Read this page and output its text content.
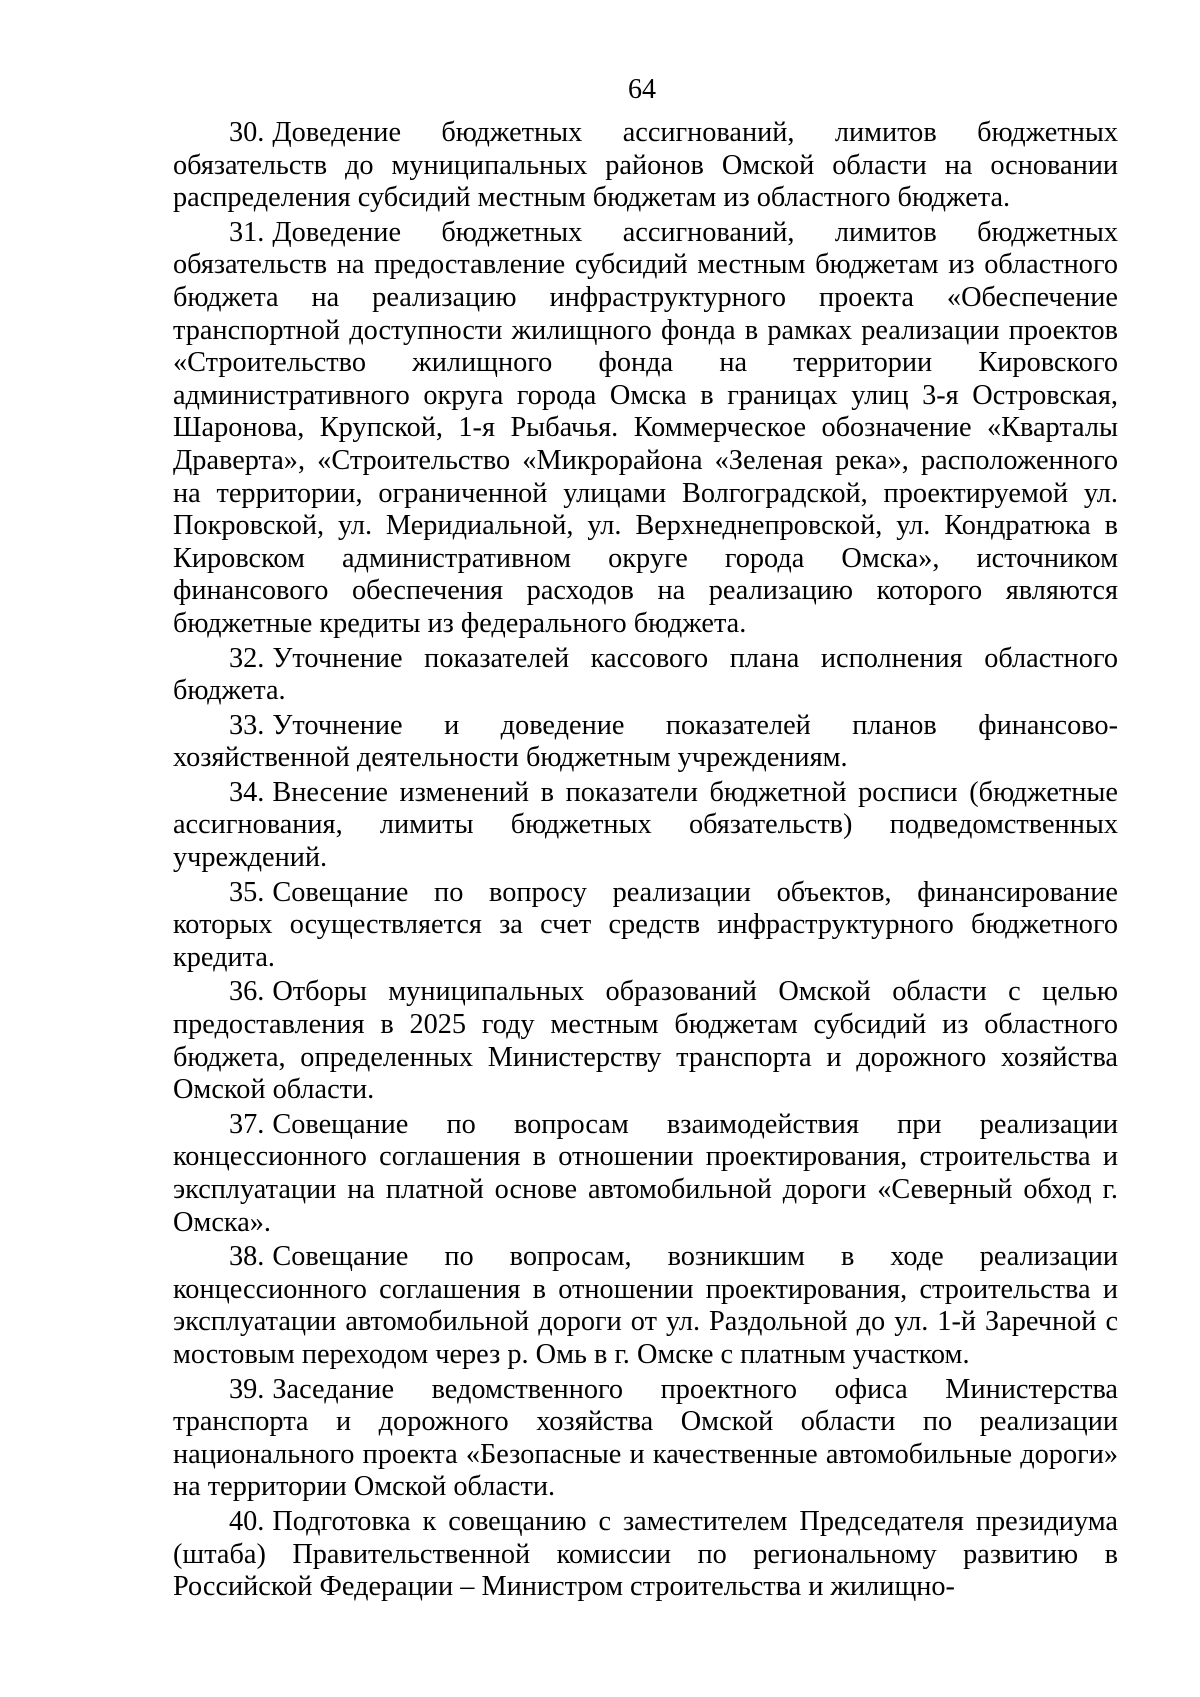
64

30. Доведение бюджетных ассигнований, лимитов бюджетных обязательств до муниципальных районов Омской области на основании распределения субсидий местным бюджетам из областного бюджета.

31. Доведение бюджетных ассигнований, лимитов бюджетных обязательств на предоставление субсидий местным бюджетам из областного бюджета на реализацию инфраструктурного проекта «Обеспечение транспортной доступности жилищного фонда в рамках реализации проектов «Строительство жилищного фонда на территории Кировского административного округа города Омска в границах улиц 3-я Островская, Шаронова, Крупской, 1-я Рыбачья. Коммерческое обозначение «Кварталы Драверта», «Строительство «Микрорайона «Зеленая река», расположенного на территории, ограниченной улицами Волгоградской, проектируемой ул. Покровской, ул. Меридиальной, ул. Верхнеднепровской, ул. Кондратюка в Кировском административном округе города Омска», источником финансового обеспечения расходов на реализацию которого являются бюджетные кредиты из федерального бюджета.

32. Уточнение показателей кассового плана исполнения областного бюджета.

33. Уточнение и доведение показателей планов финансово-хозяйственной деятельности бюджетным учреждениям.

34. Внесение изменений в показатели бюджетной росписи (бюджетные ассигнования, лимиты бюджетных обязательств) подведомственных учреждений.

35. Совещание по вопросу реализации объектов, финансирование которых осуществляется за счет средств инфраструктурного бюджетного кредита.

36. Отборы муниципальных образований Омской области с целью предоставления в 2025 году местным бюджетам субсидий из областного бюджета, определенных Министерству транспорта и дорожного хозяйства Омской области.

37. Совещание по вопросам взаимодействия при реализации концессионного соглашения в отношении проектирования, строительства и эксплуатации на платной основе автомобильной дороги «Северный обход г. Омска».

38. Совещание по вопросам, возникшим в ходе реализации концессионного соглашения в отношении проектирования, строительства и эксплуатации автомобильной дороги от ул. Раздольной до ул. 1-й Заречной с мостовым переходом через р. Омь в г. Омске с платным участком.

39. Заседание ведомственного проектного офиса Министерства транспорта и дорожного хозяйства Омской области по реализации национального проекта «Безопасные и качественные автомобильные дороги» на территории Омской области.

40. Подготовка к совещанию с заместителем Председателя президиума (штаба) Правительственной комиссии по региональному развитию в Российской Федерации – Министром строительства и жилищно-
